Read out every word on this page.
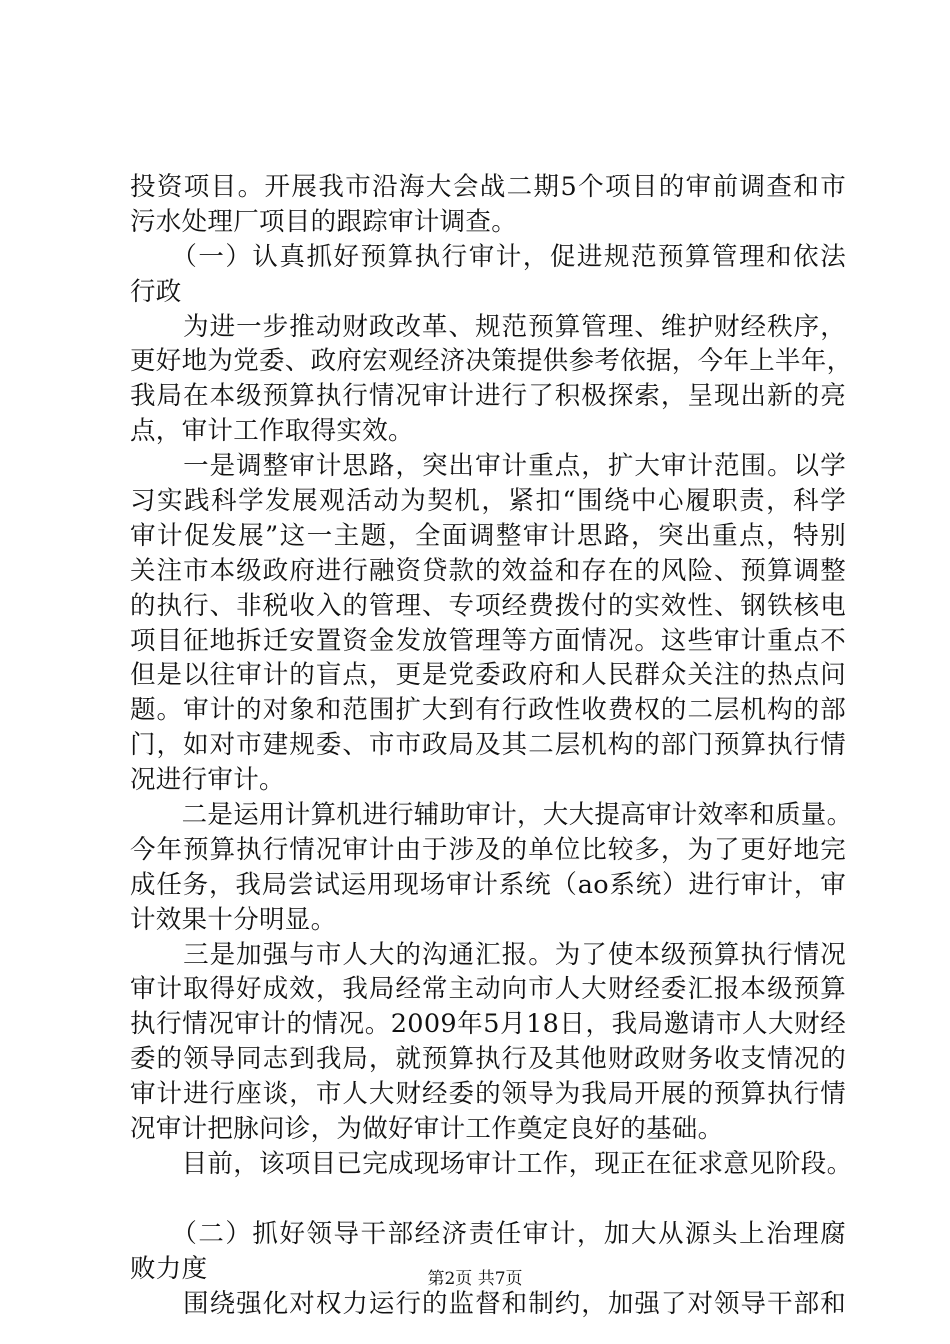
投资项目。开展我市沿海大会战二期5个项目的审前调查和市
污水处理厂项目的跟踪审计调查。
　　（一）认真抓好预算执行审计，促进规范预算管理和依法
行政
　　为进一步推动财政改革、规范预算管理、维护财经秩序，
更好地为党委、政府宏观经济决策提供参考依据，今年上半年，
我局在本级预算执行情况审计进行了积极探索，呈现出新的亮
点，审计工作取得实效。
　　一是调整审计思路，突出审计重点，扩大审计范围。以学
习实践科学发展观活动为契机，紧扣“围绕中心履职责，科学
审计促发展”这一主题，全面调整审计思路，突出重点，特别
关注市本级政府进行融资贷款的效益和存在的风险、预算调整
的执行、非税收入的管理、专项经费拨付的实效性、钢铁核电
项目征地拆迁安置资金发放管理等方面情况。这些审计重点不
但是以往审计的盲点，更是党委政府和人民群众关注的热点问
题。审计的对象和范围扩大到有行政性收费权的二层机构的部
门，如对市建规委、市市政局及其二层机构的部门预算执行情
况进行审计。
　　二是运用计算机进行辅助审计，大大提高审计效率和质量。
今年预算执行情况审计由于涉及的单位比较多，为了更好地完
成任务，我局尝试运用现场审计系统（ao系统）进行审计，审
计效果十分明显。
　　三是加强与市人大的沟通汇报。为了使本级预算执行情况
审计取得好成效，我局经常主动向市人大财经委汇报本级预算
执行情况审计的情况。2009年5月18日，我局邀请市人大财经
委的领导同志到我局，就预算执行及其他财政财务收支情况的
审计进行座谈，市人大财经委的领导为我局开展的预算执行情
况审计把脉问诊，为做好审计工作奠定良好的基础。
　　目前，该项目已完成现场审计工作，现正在征求意见阶段。
　　（二）抓好领导干部经济责任审计，加大从源头上治理腐
败力度
　　围绕强化对权力运行的监督和制约，加强了对领导干部和
第2页 共7页
